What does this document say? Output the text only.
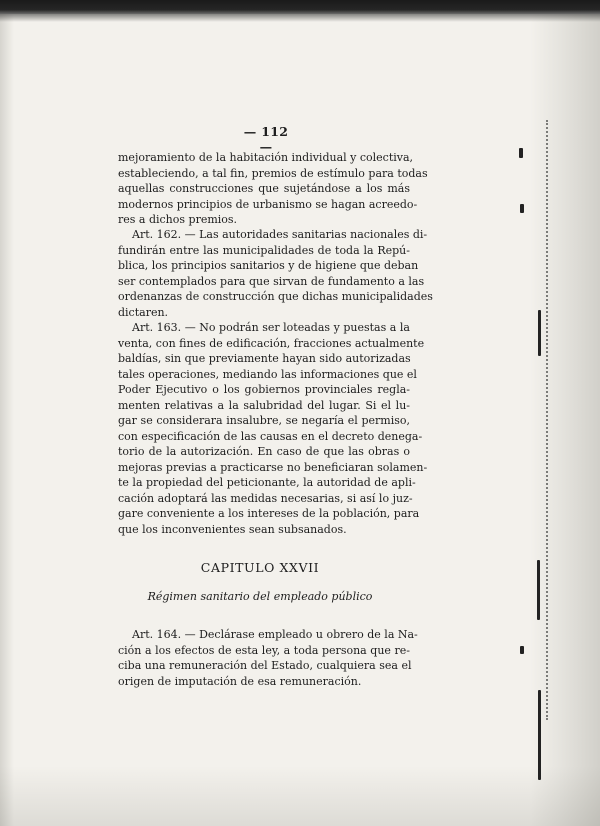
— 112 —
mejoramiento de la habitación individual y colectiva,
estableciendo, a tal fin, premios de estímulo para todas
aquellas construcciones que sujetándose a los más
modernos principios de urbanismo se hagan acreedo-
res a dichos premios.
Art. 162. — Las autoridades sanitarias nacionales di-
fundirán entre las municipalidades de toda la Repú-
blica, los principios sanitarios y de higiene que deban
ser contemplados para que sirvan de fundamento a las
ordenanzas de construcción que dichas municipalidades
dictaren.
Art. 163. — No podrán ser loteadas y puestas a la
venta, con fines de edificación, fracciones actualmente
baldías, sin que previamente hayan sido autorizadas
tales operaciones, mediando las informaciones que el
Poder Ejecutivo o los gobiernos provinciales regla-
menten relativas a la salubridad del lugar. Si el lu-
gar se considerara insalubre, se negaría el permiso,
con especificación de las causas en el decreto denega-
torio de la autorización. En caso de que las obras o
mejoras previas a practicarse no beneficiaran solamen-
te la propiedad del peticionante, la autoridad de apli-
cación adoptará las medidas necesarias, si así lo juz-
gare conveniente a los intereses de la población, para
que los inconvenientes sean subsanados.
CAPITULO XXVII
Régimen sanitario del empleado público
Art. 164. — Declárase empleado u obrero de la Na-
ción a los efectos de esta ley, a toda persona que re-
ciba una remuneración del Estado, cualquiera sea el
origen de imputación de esa remuneración.
